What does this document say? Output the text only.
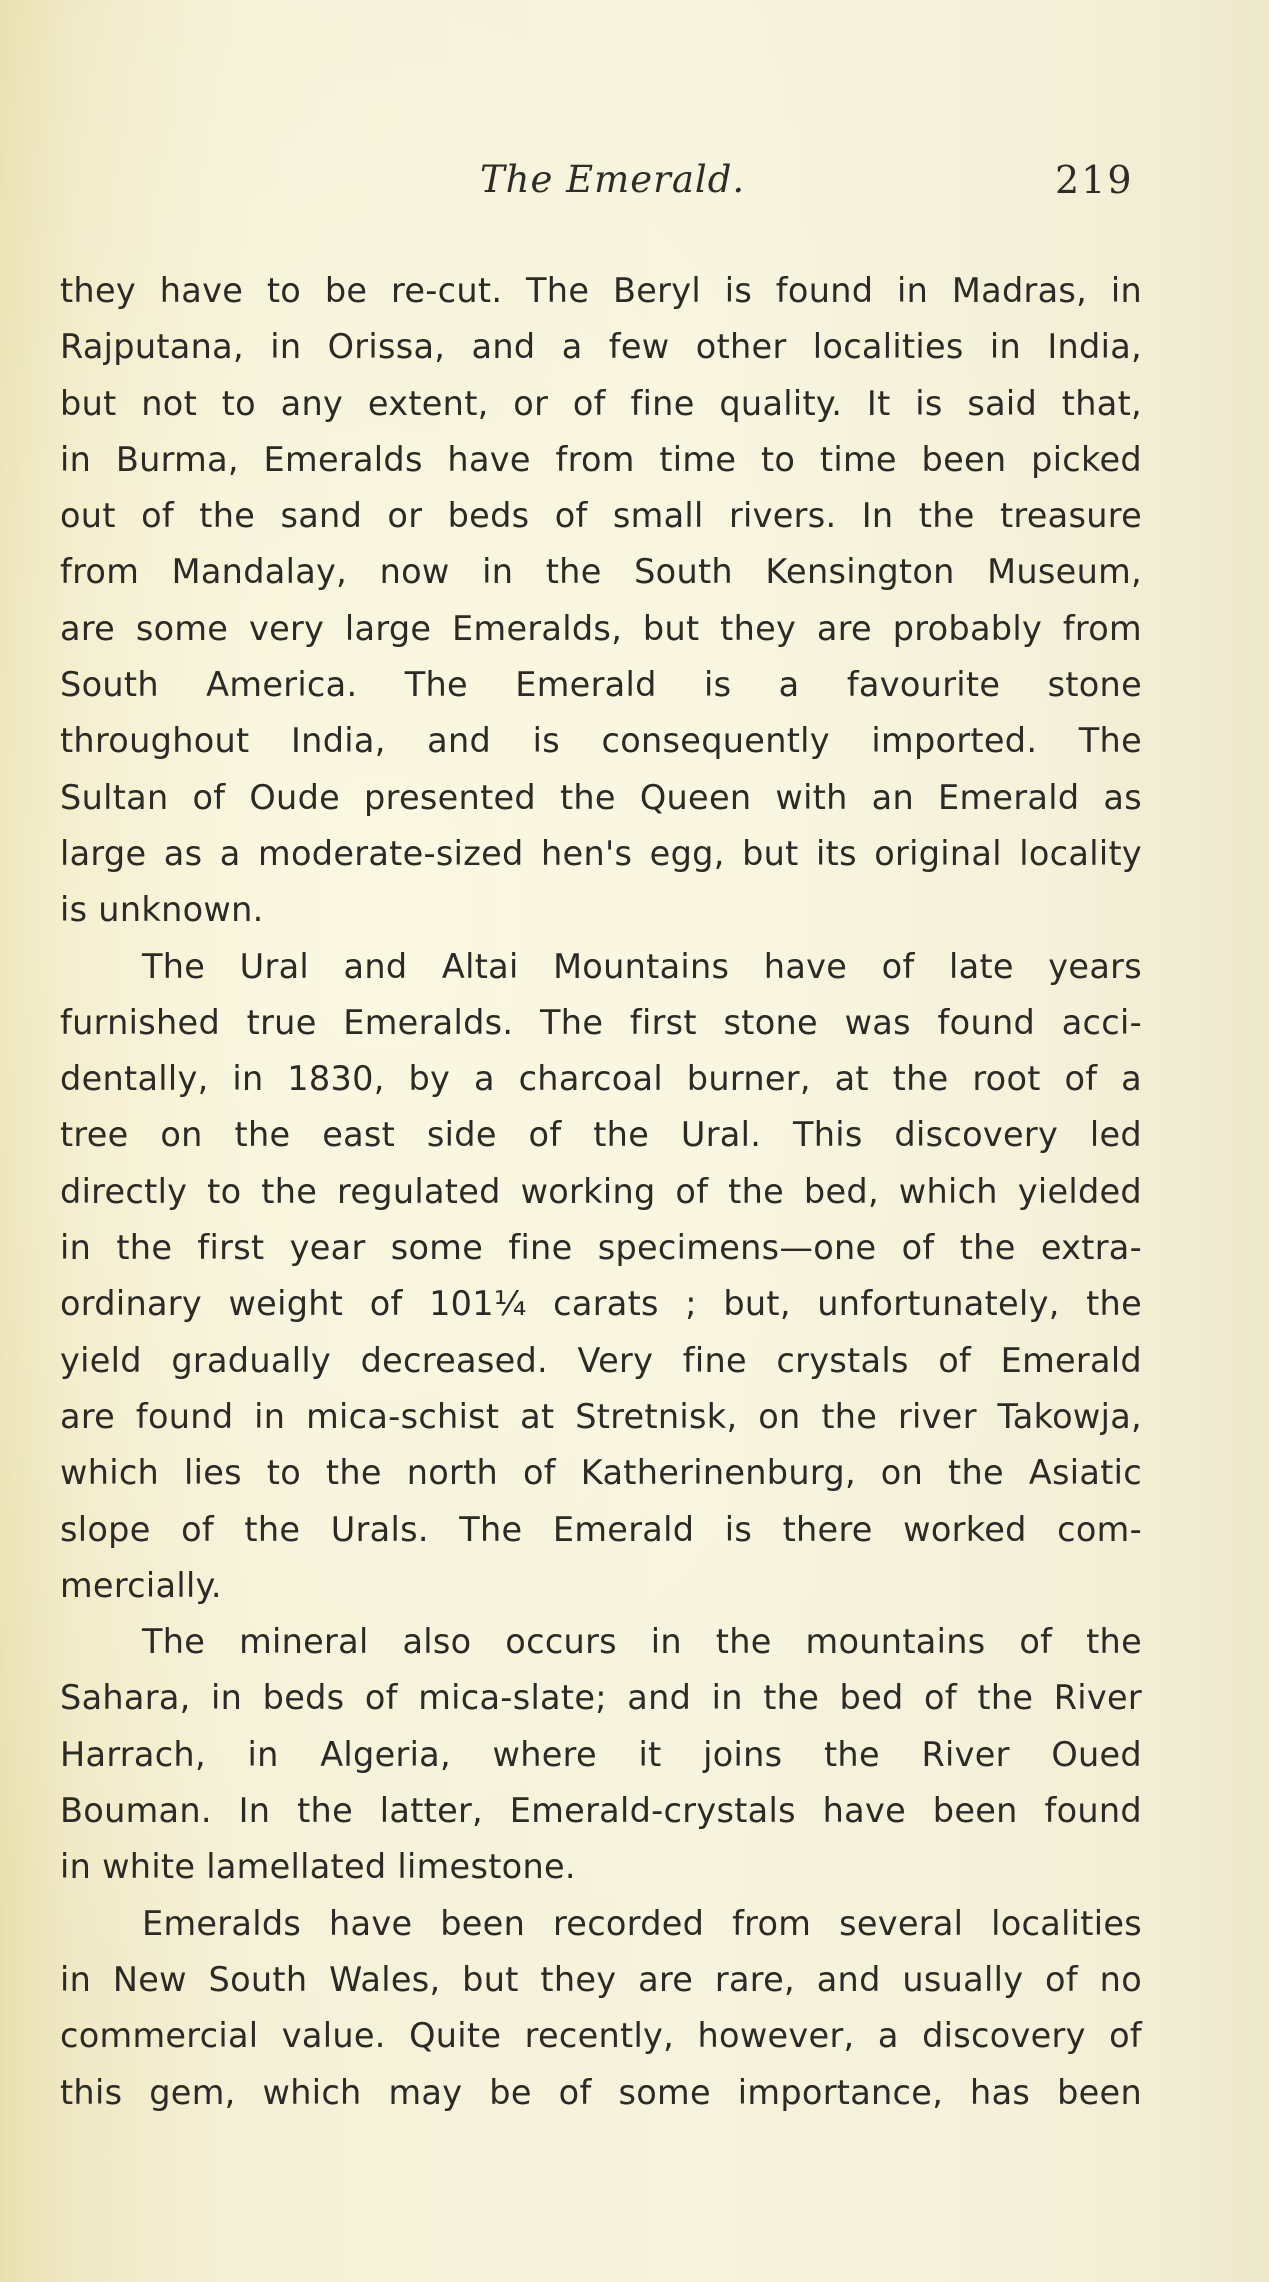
The Emerald.	219
they have to be re-cut. The Beryl is found in Madras, in
Rajputana, in Orissa, and a few other localities in India,
but not to any extent, or of fine quality. It is said that,
in Burma, Emeralds have from time to time been picked
out of the sand or beds of small rivers. In the treasure
from Mandalay, now in the South Kensington Museum,
are some very large Emeralds, but they are probably from
South America. The Emerald is a favourite stone
throughout India, and is consequently imported. The
Sultan of Oude presented the Queen with an Emerald as
large as a moderate-sized hen's egg, but its original locality
is unknown.
The Ural and Altai Mountains have of late years
furnished true Emeralds. The first stone was found acci-
dentally, in 1830, by a charcoal burner, at the root of a
tree on the east side of the Ural. This discovery led
directly to the regulated working of the bed, which yielded
in the first year some fine specimens—one of the extra-
ordinary weight of 101¼ carats ; but, unfortunately, the
yield gradually decreased. Very fine crystals of Emerald
are found in mica-schist at Stretnisk, on the river Takowja,
which lies to the north of Katherinenburg, on the Asiatic
slope of the Urals. The Emerald is there worked com-
mercially.
The mineral also occurs in the mountains of the
Sahara, in beds of mica-slate; and in the bed of the River
Harrach, in Algeria, where it joins the River Oued
Bouman. In the latter, Emerald-crystals have been found
in white lamellated limestone.
Emeralds have been recorded from several localities
in New South Wales, but they are rare, and usually of no
commercial value. Quite recently, however, a discovery of
this gem, which may be of some importance, has been
